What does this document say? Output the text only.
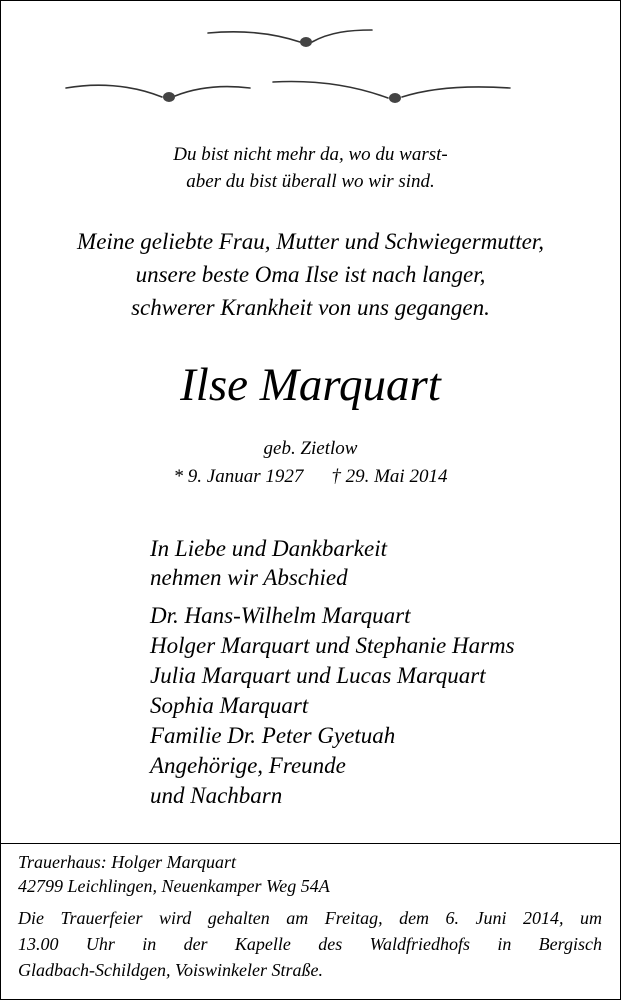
Du bist nicht mehr da, wo du warst-
aber du bist überall wo wir sind.
Meine geliebte Frau, Mutter und Schwiegermutter,
unsere beste Oma Ilse ist nach langer,
schwerer Krankheit von uns gegangen.
Ilse Marquart
geb. Zietlow
* 9. Januar 1927 † 29. Mai 2014
In Liebe und Dankbarkeit
nehmen wir Abschied
Dr. Hans-Wilhelm Marquart
Holger Marquart und Stephanie Harms
Julia Marquart und Lucas Marquart
Sophia Marquart
Familie Dr. Peter Gyetuah
Angehörige, Freunde
und Nachbarn
Trauerhaus: Holger Marquart
42799 Leichlingen, Neuenkamper Weg 54A
Die Trauerfeier wird gehalten am Freitag, dem 6. Juni 2014, um
13.00 Uhr in der Kapelle des Waldfriedhofs in Bergisch
Gladbach-Schildgen, Voiswinkeler Straße.
